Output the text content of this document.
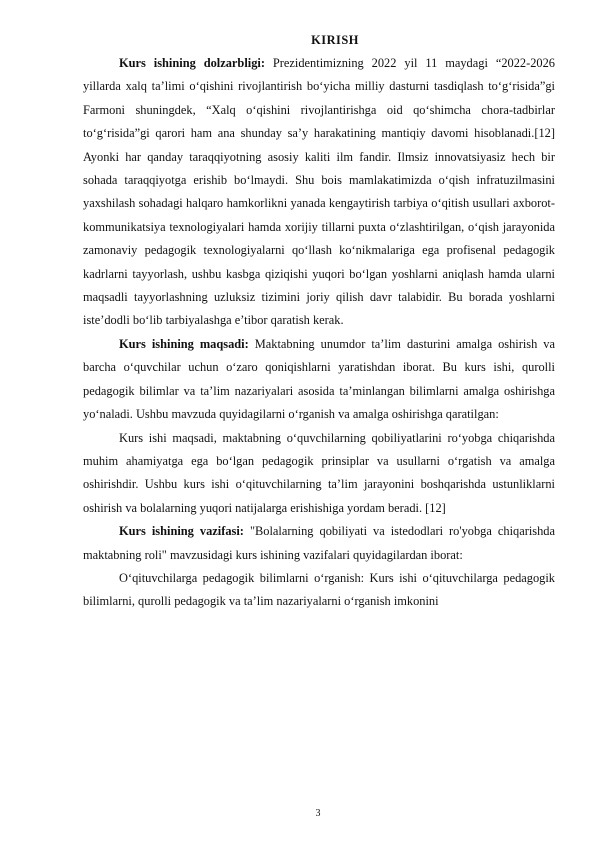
KIRISH

Kurs ishining dolzarbligi: Prezidentimizning 2022 yil 11 maydagi “2022-2026 yillarda xalq ta’limi oʻqishini rivojlantirish boʻyicha milliy dasturni tasdiqlash toʻgʻrisida”gi Farmoni shuningdek, “Xalq oʻqishini rivojlantirishga oid qoʻshimcha chora-tadbirlar toʻgʻrisida”gi qarori ham ana shunday sa’y harakatining mantiqiy davomi hisoblanadi.[12] Ayonki har qanday taraqqiyotning asosiy kaliti ilm fandir. Ilmsiz innovatsiyasiz hech bir sohada taraqqiyotga erishib boʻlmaydi. Shu bois mamlakatimizda oʻqish infratuzilmasini yaxshilash sohadagi halqaro hamkorlikni yanada kengaytirish tarbiya oʻqitish usullari axborot-kommunikatsiya texnologiyalari hamda xorijiy tillarni puxta oʻzlashtirilgan, oʻqish jarayonida zamonaviy pedagogik texnologiyalarni qoʻllash koʻnikmalariga ega profisenal pedagogik kadrlarni tayyorlash, ushbu kasbga qiziqishi yuqori boʻlgan yoshlarni aniqlash hamda ularni maqsadli tayyorlashning uzluksiz tizimini joriy qilish davr talabidir. Bu borada yoshlarni iste’dodli boʻlib tarbiyalashga e’tibor qaratish kerak.

Kurs ishining maqsadi: Maktabning unumdor ta’lim dasturini amalga oshirish va barcha o‘quvchilar uchun o‘zaro qoniqishlarni yaratishdan iborat. Bu kurs ishi, qurolli pedagogik bilimlar va ta’lim nazariyalari asosida ta’minlangan bilimlarni amalga oshirishga yo‘naladi. Ushbu mavzuda quyidagilarni o‘rganish va amalga oshirishga qaratilgan:

Kurs ishi maqsadi, maktabning o‘quvchilarning qobiliyatlarini ro‘yobga chiqarishda muhim ahamiyatga ega bo‘lgan pedagogik prinsiplar va usullarni o‘rgatish va amalga oshirishdir. Ushbu kurs ishi o‘qituvchilarning ta’lim jarayonini boshqarishda ustunliklarni oshirish va bolalarning yuqori natijalarga erishishiga yordam beradi. [12]

Kurs ishining vazifasi: "Bolalarning qobiliyati va istedodlari ro'yobga chiqarishda maktabning roli" mavzusidagi kurs ishining vazifalari quyidagilardan iborat:

O‘qituvchilarga pedagogik bilimlarni o‘rganish: Kurs ishi o‘qituvchilarga pedagogik bilimlarni, qurolli pedagogik va ta’lim nazariyalarni o‘rganish imkonini

3
